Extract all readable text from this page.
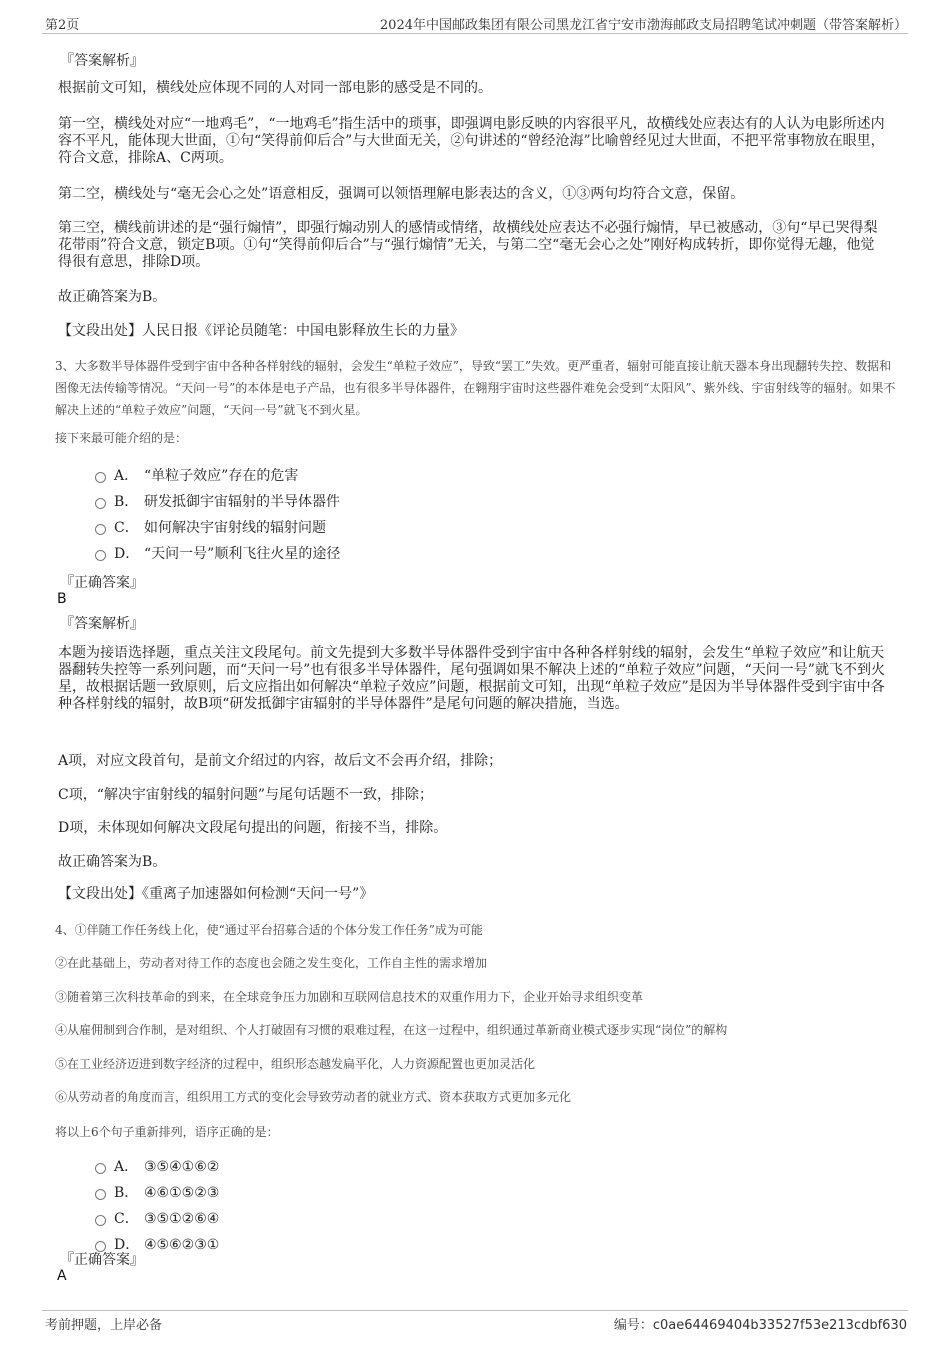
第2页	2024年中国邮政集团有限公司黑龙江省宁安市渤海邮政支局招聘笔试冲刺题（带答案解析）
『答案解析』
根据前文可知，横线处应体现不同的人对同一部电影的感受是不同的。
第一空，横线处对应“一地鸡毛”，“一地鸡毛”指生活中的琐事，即强调电影反映的内容很平凡，故横线处应表达有的人认为电影所述内容不平凡，能体现大世面，①句“笑得前仰后合”与大世面无关，②句讲述的“曾经沧海”比喻曾经见过大世面，不把平常事物放在眼里，符合文意，排除A、C两项。
第二空，横线处与“毫无会心之处”语意相反，强调可以领悟理解电影表达的含义，①③两句均符合文意，保留。
第三空，横线前讲述的是“强行煽情”，即强行煽动别人的感情或情绪，故横线处应表达不必强行煽情，早已被感动，③句“早已哭得梨花带雨”符合文意，锁定B项。①句“笑得前仰后合”与“强行煽情”无关，与第二空“毫无会心之处”刚好构成转折，即你觉得无趣，他觉得很有意思，排除D项。
故正确答案为B。
【文段出处】人民日报《评论员随笔：中国电影释放生长的力量》
3、大多数半导体器件受到宇宙中各种各样射线的辐射，会发生“单粒子效应”，导致“罢工”失效。更严重者，辐射可能直接让航天器本身出现翻转失控、数据和图像无法传输等情况。“天问一号”的本体是电子产品，也有很多半导体器件，在翱翔宇宙时这些器件难免会受到“太阳风”、紫外线、宇宙射线等的辐射。如果不解决上述的“单粒子效应”问题，“天问一号”就飞不到火星。
接下来最可能介绍的是：
A． “单粒子效应”存在的危害
B． 研发抵御宇宙辐射的半导体器件
C． 如何解决宇宙射线的辐射问题
D． “天问一号”顺利飞往火星的途径
『正确答案』
B
『答案解析』
本题为接语选择题，重点关注文段尾句。前文先提到大多数半导体器件受到宇宙中各种各样射线的辐射，会发生“单粒子效应”和让航天器翻转失控等一系列问题，而“天问一号”也有很多半导体器件，尾句强调如果不解决上述的“单粒子效应”问题，“天问一号”就飞不到火星，故根据话题一致原则，后文应指出如何解决“单粒子效应”问题，根据前文可知，出现“单粒子效应”是因为半导体器件受到宇宙中各种各样射线的辐射，故B项“研发抵御宇宙辐射的半导体器件”是尾句问题的解决措施，当选。
A项，对应文段首句，是前文介绍过的内容，故后文不会再介绍，排除；
C项，“解决宇宙射线的辐射问题”与尾句话题不一致，排除；
D项，未体现如何解决文段尾句提出的问题，衔接不当，排除。
故正确答案为B。
【文段出处】《重离子加速器如何检测“天问一号”》
4、①伴随工作任务线上化，使“通过平台招募合适的个体分发工作任务”成为可能
②在此基础上，劳动者对待工作的态度也会随之发生变化，工作自主性的需求增加
③随着第三次科技革命的到来，在全球竞争压力加剧和互联网信息技术的双重作用力下，企业开始寻求组织变革
④从雇佣制到合作制，是对组织、个人打破固有习惯的艰难过程，在这一过程中，组织通过革新商业模式逐步实现“岗位”的解构
⑤在工业经济迈进到数字经济的过程中，组织形态越发扁平化，人力资源配置也更加灵活化
⑥从劳动者的角度而言，组织用工方式的变化会导致劳动者的就业方式、资本获取方式更加多元化
将以上6个句子重新排列，语序正确的是：
A． ③⑤④①⑥②
B． ④⑥①⑤②③
C． ③⑤①②⑥④
D． ④⑤⑥②③①
『正确答案』
A
考前押题，上岸必备	编号：c0ae64469404b33527f53e213cdbf630
